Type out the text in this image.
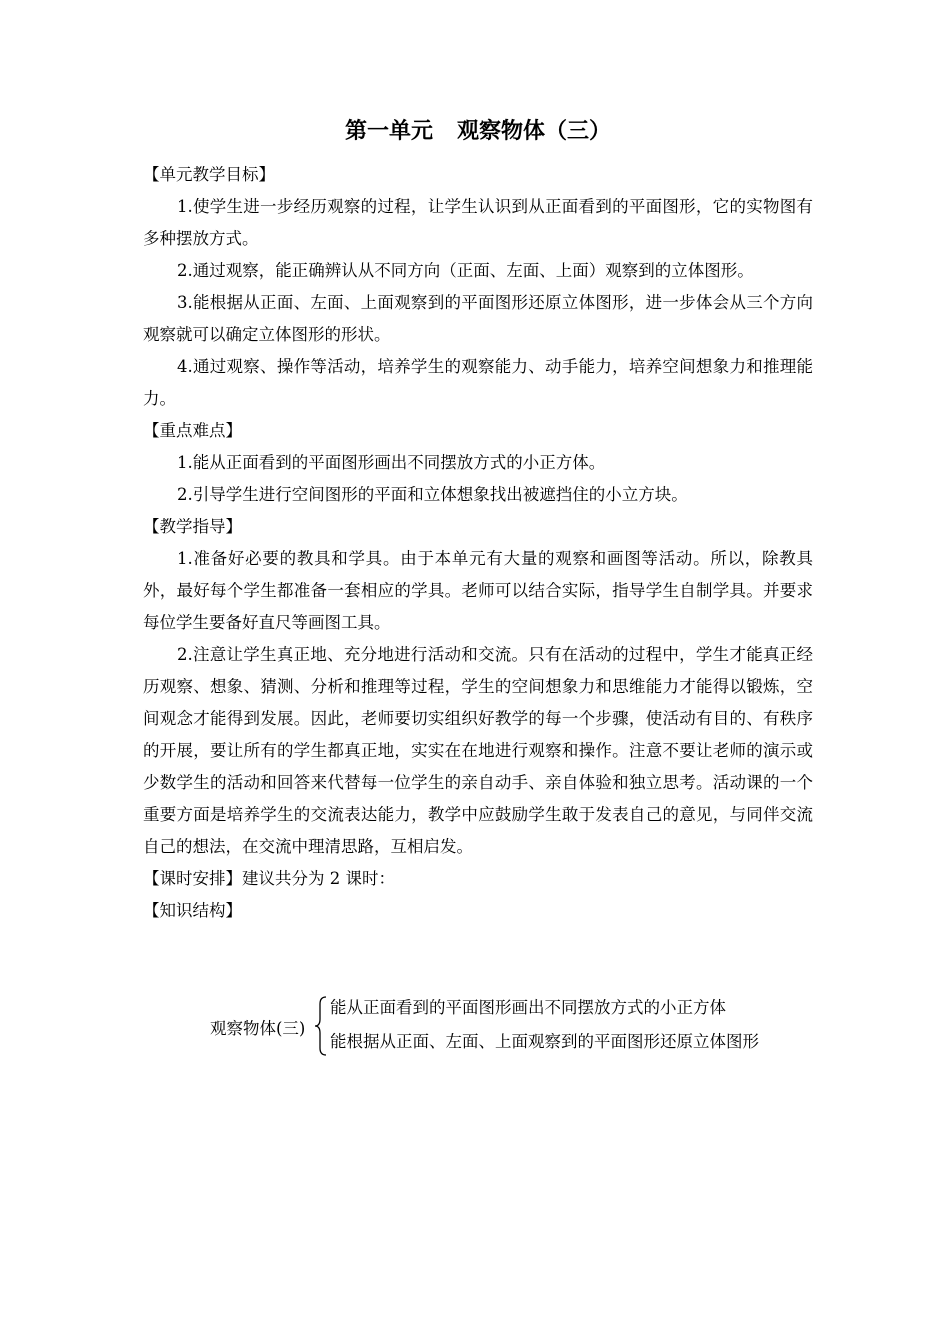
第一单元 观察物体（三）

【单元教学目标】

1.使学生进一步经历观察的过程，让学生认识到从正面看到的平面图形，它的实物图有多种摆放方式。

2.通过观察，能正确辨认从不同方向（正面、左面、上面）观察到的立体图形。

3.能根据从正面、左面、上面观察到的平面图形还原立体图形，进一步体会从三个方向观察就可以确定立体图形的形状。

4.通过观察、操作等活动，培养学生的观察能力、动手能力，培养空间想象力和推理能力。

【重点难点】

1.能从正面看到的平面图形画出不同摆放方式的小正方体。

2.引导学生进行空间图形的平面和立体想象找出被遮挡住的小立方块。

【教学指导】

1.准备好必要的教具和学具。由于本单元有大量的观察和画图等活动。所以，除教具外，最好每个学生都准备一套相应的学具。老师可以结合实际，指导学生自制学具。并要求每位学生要备好直尺等画图工具。

2.注意让学生真正地、充分地进行活动和交流。只有在活动的过程中，学生才能真正经历观察、想象、猜测、分析和推理等过程，学生的空间想象力和思维能力才能得以锻炼，空间观念才能得到发展。因此，老师要切实组织好教学的每一个步骤，使活动有目的、有秩序的开展，要让所有的学生都真正地，实实在在地进行观察和操作。注意不要让老师的演示或少数学生的活动和回答来代替每一位学生的亲自动手、亲自体验和独立思考。活动课的一个重要方面是培养学生的交流表达能力，教学中应鼓励学生敢于发表自己的意见，与同伴交流自己的想法，在交流中理清思路，互相启发。

【课时安排】建议共分为 2 课时：

【知识结构】

观察物体(三)
能从正面看到的平面图形画出不同摆放方式的小正方体
能根据从正面、左面、上面观察到的平面图形还原立体图形
